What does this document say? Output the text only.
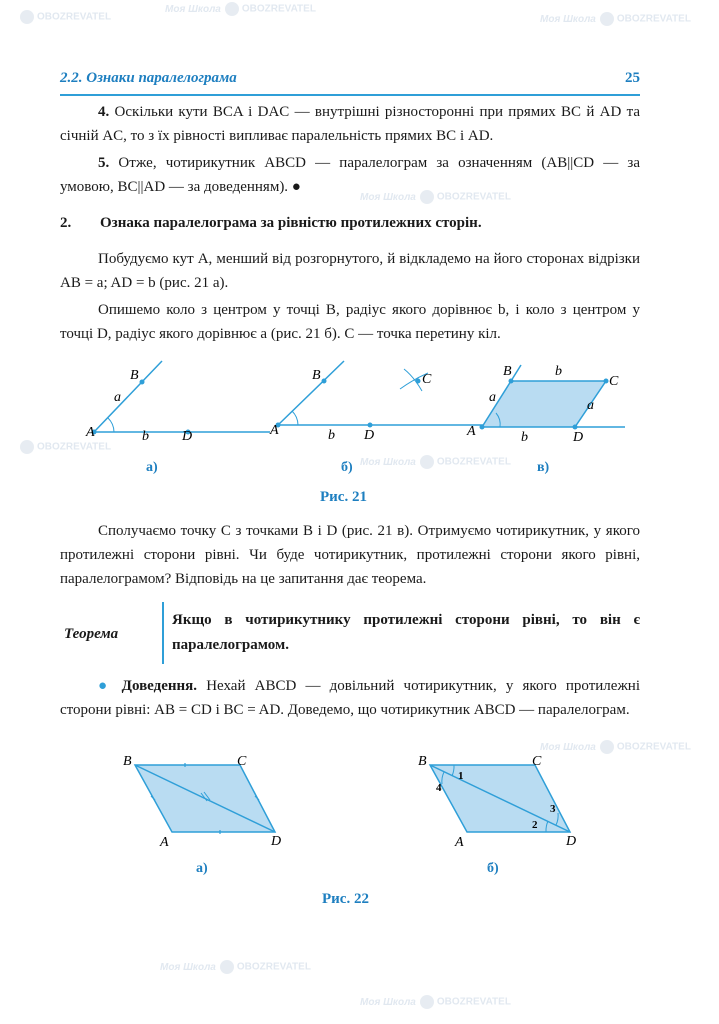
Моя Школа OBOZREVATEL
Моя Школа OBOZREVATEL
OBOZREVATEL
Моя Школа OBOZREVATEL
OBOZREVATEL
Моя Школа OBOZREVATEL
Моя Школа OBOZREVATEL
Моя Школа OBOZREVATEL
Моя Школа OBOZREVATEL
2.2. Ознаки паралелограма	25

4. Оскільки кути BCA і DAC — внутрішні різносторонні при прямих BC й AD та січній AC, то з їх рівності випливає паралельність прямих BC і AD.

5. Отже, чотирикутник ABCD — паралелограм за означенням (AB||CD — за умовою, BC||AD — за доведенням). ●

2. Ознака паралелограма за рівністю протилежних сторін.

Побудуємо кут A, менший від розгорнутого, й відкладемо на його сторонах відрізки AB = a; AD = b (рис. 21 а).

Опишемо коло з центром у точці B, радіус якого дорівнює b, і коло з центром у точці D, радіус якого дорівнює a (рис. 21 б). C — точка перетину кіл.

A
B
D
a
b	A
B
D
C
b	A
B
C
D
a
a
b
b
а)	б)	в)
Рис. 21

Сполучаємо точку C з точками B і D (рис. 21 в). Отримуємо чотирикутник, у якого протилежні сторони рівні. Чи буде чотирикутник, протилежні сторони якого рівні, паралелограмом? Відповідь на це запитання дає теорема.

Теорема
Якщо в чотирикутнику протилежні сторони рівні, то він є паралелограмом.

● Доведення. Нехай ABCD — довільний чотирикутник, у якого протилежні сторони рівні: AB = CD і BC = AD. Доведемо, що чотирикутник ABCD — паралелограм.

B	C
A	D
B	C
A	D
1
2
3
4
а)	б)
Рис. 22
